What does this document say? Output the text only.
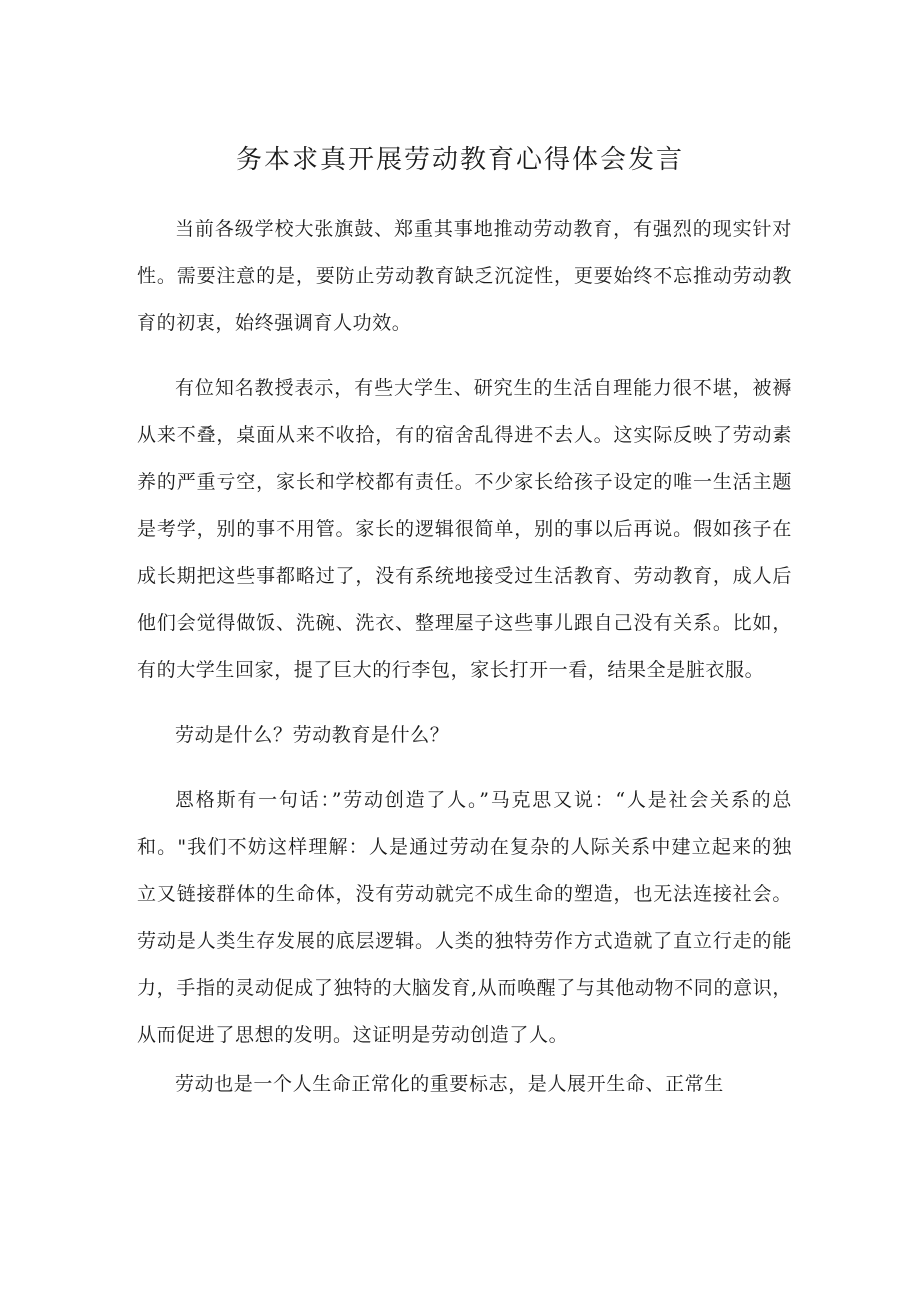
务本求真开展劳动教育心得体会发言

当前各级学校大张旗鼓、郑重其事地推动劳动教育，有强烈的现实针对性。需要注意的是，要防止劳动教育缺乏沉淀性，更要始终不忘推动劳动教育的初衷，始终强调育人功效。

有位知名教授表示，有些大学生、研究生的生活自理能力很不堪，被褥从来不叠，桌面从来不收拾，有的宿舍乱得进不去人。这实际反映了劳动素养的严重亏空，家长和学校都有责任。不少家长给孩子设定的唯一生活主题是考学，别的事不用管。家长的逻辑很简单，别的事以后再说。假如孩子在成长期把这些事都略过了，没有系统地接受过生活教育、劳动教育，成人后他们会觉得做饭、洗碗、洗衣、整理屋子这些事儿跟自己没有关系。比如，有的大学生回家，提了巨大的行李包，家长打开一看，结果全是脏衣服。

劳动是什么？劳动教育是什么？

恩格斯有一句话：”劳动创造了人。”马克思又说：“人是社会关系的总和。"我们不妨这样理解：人是通过劳动在复杂的人际关系中建立起来的独立又链接群体的生命体，没有劳动就完不成生命的塑造，也无法连接社会。劳动是人类生存发展的底层逻辑。人类的独特劳作方式造就了直立行走的能力，手指的灵动促成了独特的大脑发育,从而唤醒了与其他动物不同的意识，从而促进了思想的发明。这证明是劳动创造了人。

劳动也是一个人生命正常化的重要标志，是人展开生命、正常生
